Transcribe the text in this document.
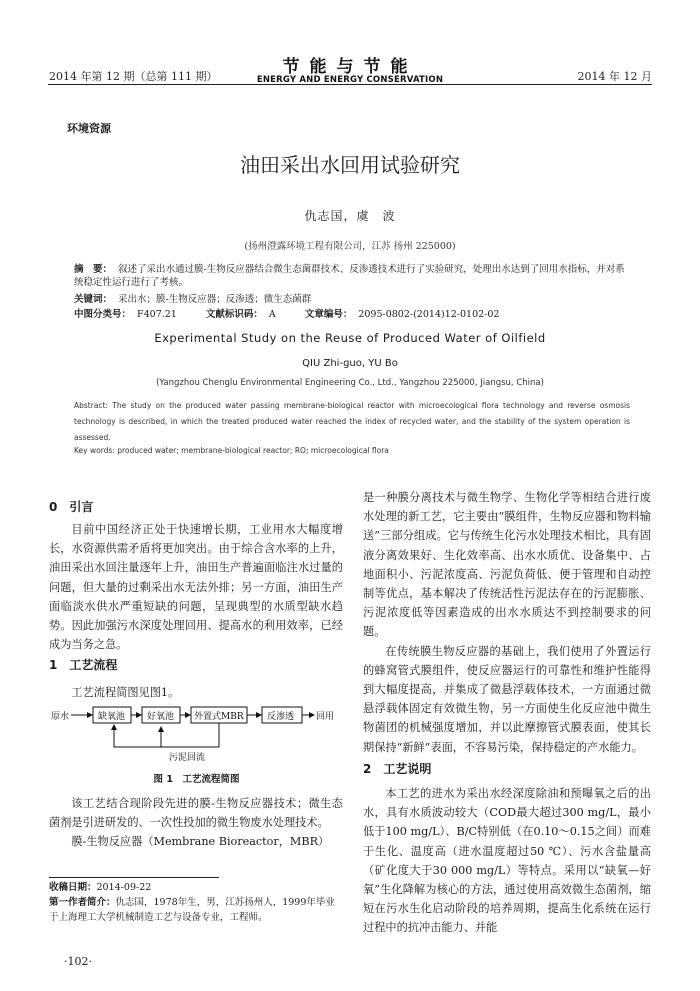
2014 年第 12 期（总第 111 期）	节能与节能
ENERGY AND ENERGY CONSERVATION	2014 年 12 月
环境资源
油田采出水回用试验研究
仇志国，虞　波
(扬州澄露环境工程有限公司，江苏 扬州 225000)
摘　要： 叙述了采出水通过膜-生物反应器结合微生态菌群技术、反渗透技术进行了实验研究，处理出水达到了回用水指标，并对系统稳定性运行进行了考核。
关键词： 采出水；膜-生物反应器；反渗透；微生态菌群
中图分类号： F407.21	文献标识码： A	文章编号： 2095-0802-(2014)12-0102-02
Experimental Study on the Reuse of Produced Water of Oilfield
QIU Zhi-guo, YU Bo
(Yangzhou Chenglu Environmental Engineering Co., Ltd., Yangzhou 225000, Jiangsu, China)
Abstract: The study on the produced water passing membrane-biological reactor with microecological flora technology and reverse osmosis technology is described, in which the treated produced water reached the index of recycled water, and the stability of the system operation is assessed.
Key words: produced water; membrane-biological reactor; RO; microecological flora
0　引言

目前中国经济正处于快速增长期，工业用水大幅度增长，水资源供需矛盾将更加突出。由于综合含水率的上升，油田采出水回注量逐年上升，油田生产普遍面临注水过量的问题，但大量的过剩采出水无法外排；另一方面，油田生产面临淡水供水严重短缺的问题，呈现典型的水质型缺水趋势。因此加强污水深度处理回用、提高水的利用效率，已经成为当务之急。

1　工艺流程

工艺流程简图见图1。

原水	缺氧池 好氧池 外置式MBR	反渗透 回用
污泥回流
图 1　工艺流程简图

该工艺结合现阶段先进的膜-生物反应器技术；微生态菌剂是引进研发的、一次性投加的微生物废水处理技术。

膜-生物反应器（Membrane Bioreactor，MBR）

收稿日期：2014-09-22
第一作者简介：仇志国，1978年生，男，江苏扬州人，1999年毕业于上海理工大学机械制造工艺与设备专业，工程师。
·102·

是一种膜分离技术与微生物学、生物化学等相结合进行废水处理的新工艺，它主要由“膜组件，生物反应器和物料输送”三部分组成。它与传统生化污水处理技术相比，具有固液分离效果好、生化效率高、出水水质优、设备集中、占地面积小、污泥浓度高、污泥负荷低、便于管理和自动控制等优点，基本解决了传统活性污泥法存在的污泥膨胀、污泥浓度低等因素造成的出水水质达不到控制要求的问题。

在传统膜生物反应器的基础上，我们使用了外置运行的蜂窝管式膜组件，使反应器运行的可靠性和维护性能得到大幅度提高，并集成了微悬浮载体技术，一方面通过微悬浮载体固定有效微生物，另一方面使生化反应池中微生物菌团的机械强度增加，并以此摩擦管式膜表面，使其长期保持“新鲜”表面，不容易污染，保持稳定的产水能力。

2　工艺说明

本工艺的进水为采出水经深度除油和预曝氧之后的出水，具有水质波动较大（COD最大超过300 mg/L，最小低于100 mg/L）、B/C特别低（在0.10～0.15之间）而难于生化、温度高（进水温度超过50 ℃）、污水含盐量高（矿化度大于30 000 mg/L）等特点。采用以“缺氧—好氧”生化降解为核心的方法，通过使用高效微生态菌剂，缩短在污水生化启动阶段的培养周期，提高生化系统在运行过程中的抗冲击能力、并能
